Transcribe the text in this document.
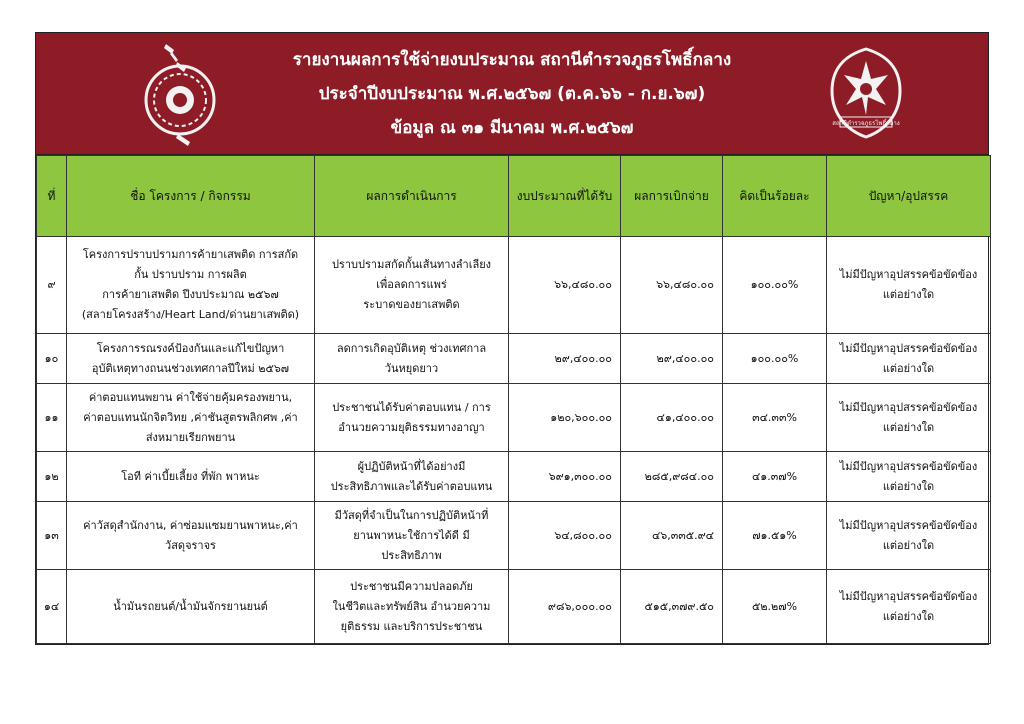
รายงานผลการใช้จ่ายงบประมาณ สถานีตำรวจภูธรโพธิ์กลาง
ประจำปีงบประมาณ พ.ศ.๒๕๖๗ (ต.ค.๖๖ - ก.ย.๖๗)
ข้อมูล ณ ๓๑ มีนาคม พ.ศ.๒๕๖๗	สถานีตำรวจภูธรโพธิ์กลาง
ที่	ชื่อ โครงการ / กิจกรรม	ผลการดำเนินการ	งบประมาณที่ได้รับ	ผลการเบิกจ่าย	คิดเป็นร้อยละ	ปัญหา/อุปสรรค
๙	โครงการปราบปรามการค้ายาเสพติด การสกัด
กั้น ปราบปราม การผลิต
การค้ายาเสพติด ปีงบประมาณ ๒๕๖๗
(สลายโครงสร้าง/Heart Land/ด่านยาเสพติด)	ปราบปรามสกัดกั้นเส้นทางลำเลียง
เพื่อลดการแพร่
ระบาดของยาเสพติด	๖๖,๔๘๐.๐๐	๖๖,๔๘๐.๐๐	๑๐๐.๐๐%	ไม่มีปัญหาอุปสรรคข้อขัดข้อง
แต่อย่างใด

๑๐	โครงการรณรงค์ป้องกันและแก้ไขปัญหา
อุบัติเหตุทางถนนช่วงเทศกาลปีใหม่ ๒๕๖๗	ลดการเกิดอุบัติเหตุ ช่วงเทศกาล
วันหยุดยาว	๒๙,๔๐๐.๐๐	๒๙,๔๐๐.๐๐	๑๐๐.๐๐%	ไม่มีปัญหาอุปสรรคข้อขัดข้อง
แต่อย่างใด

๑๑	ค่าตอบแทนพยาน ค่าใช้จ่ายคุ้มครองพยาน,
ค่าตอบแทนนักจิตวิทย ,ค่าชันสูตรพลิกศพ ,ค่า
ส่งหมายเรียกพยาน	ประชาชนได้รับค่าตอบแทน / การ
อำนวยความยุติธรรมทางอาญา	๑๒๐,๖๐๐.๐๐	๔๑,๔๐๐.๐๐	๓๔.๓๓%	ไม่มีปัญหาอุปสรรคข้อขัดข้อง
แต่อย่างใด

๑๒	โอที ค่าเบี้ยเลี้ยง ที่พัก พาหนะ	ผู้ปฏิบัติหน้าที่ได้อย่างมี
ประสิทธิภาพและได้รับค่าตอบแทน	๖๙๑,๓๐๐.๐๐	๒๘๕,๙๘๔.๐๐	๔๑.๓๗%	ไม่มีปัญหาอุปสรรคข้อขัดข้อง
แต่อย่างใด

๑๓	ค่าวัสดุสำนักงาน, ค่าซ่อมแซมยานพาหนะ,ค่า
วัสดุจราจร	มีวัสดุที่จำเป็นในการปฏิบัติหน้าที่
ยานพาหนะใช้การได้ดี มี
ประสิทธิภาพ	๖๔,๘๐๐.๐๐	๔๖,๓๓๕.๙๔	๗๑.๕๑%	ไม่มีปัญหาอุปสรรคข้อขัดข้อง
แต่อย่างใด

๑๔	น้ำมันรถยนต์/น้ำมันจักรยานยนต์	ประชาชนมีความปลอดภัย
ในชีวิตและทรัพย์สิน อำนวยความ
ยุติธรรม และบริการประชาชน	๙๘๖,๐๐๐.๐๐	๕๑๕,๓๗๙.๕๐	๕๒.๒๗%	ไม่มีปัญหาอุปสรรคข้อขัดข้อง
แต่อย่างใด
